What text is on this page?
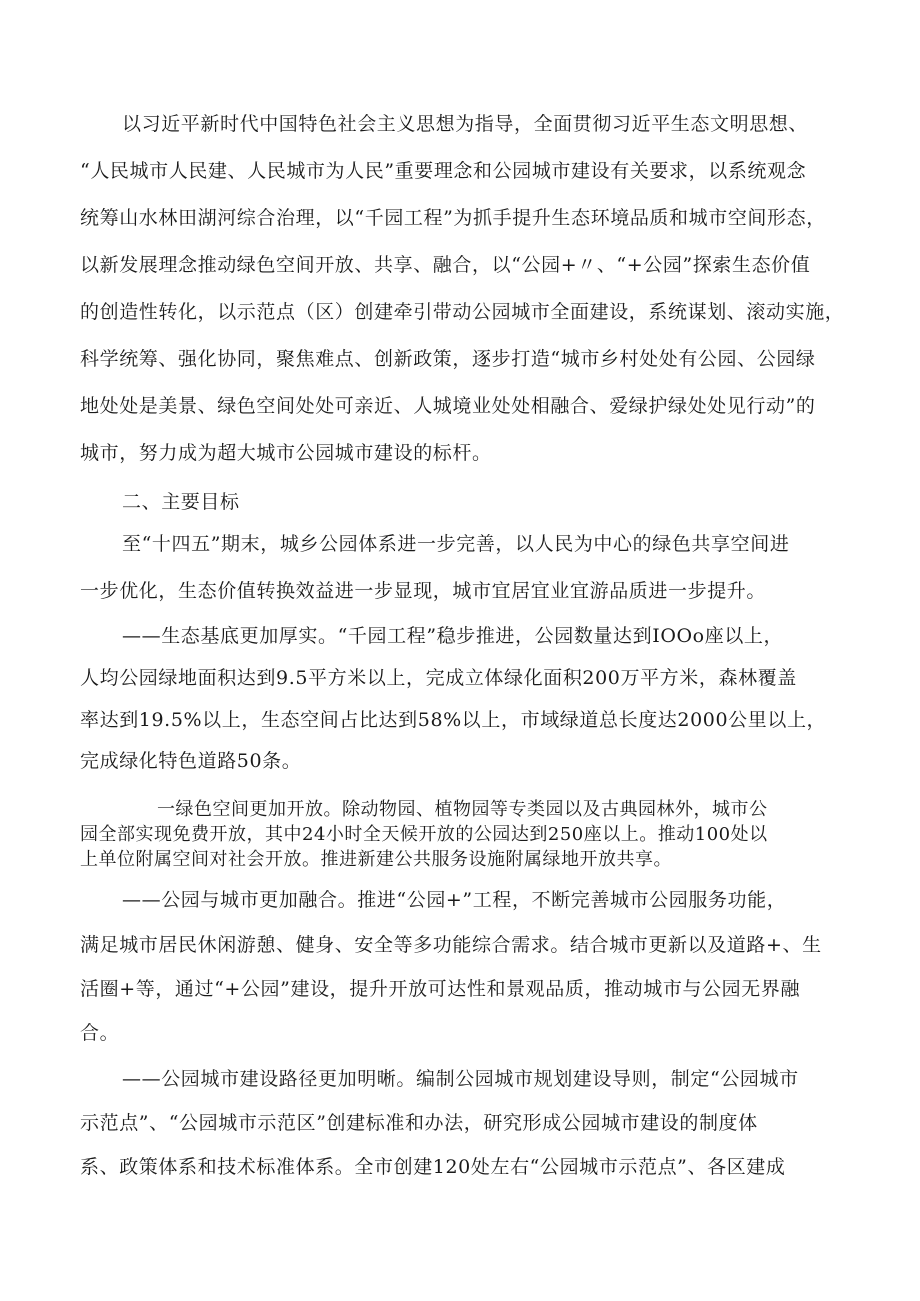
以习近平新时代中国特色社会主义思想为指导，全面贯彻习近平生态文明思想、
“人民城市人民建、人民城市为人民”重要理念和公园城市建设有关要求，以系统观念
统筹山水林田湖河综合治理，以“千园工程”为抓手提升生态环境品质和城市空间形态，
以新发展理念推动绿色空间开放、共享、融合，以“公园+〃、“+公园”探索生态价值
的创造性转化，以示范点（区）创建牵引带动公园城市全面建设，系统谋划、滚动实施，
科学统筹、强化协同，聚焦难点、创新政策，逐步打造“城市乡村处处有公园、公园绿
地处处是美景、绿色空间处处可亲近、人城境业处处相融合、爱绿护绿处处见行动”的
城市，努力成为超大城市公园城市建设的标杆。
二、主要目标
至“十四五”期末，城乡公园体系进一步完善，以人民为中心的绿色共享空间进
一步优化，生态价值转换效益进一步显现，城市宜居宜业宜游品质进一步提升。
——生态基底更加厚实。“千园工程”稳步推进，公园数量达到IOOo座以上，
人均公园绿地面积达到9.5平方米以上，完成立体绿化面积200万平方米，森林覆盖
率达到19.5%以上，生态空间占比达到58%以上，市域绿道总长度达2000公里以上，
完成绿化特色道路50条。
一绿色空间更加开放。除动物园、植物园等专类园以及古典园林外，城市公
园全部实现免费开放，其中24小时全天候开放的公园达到250座以上。推动100处以
上单位附属空间对社会开放。推进新建公共服务设施附属绿地开放共享。
——公园与城市更加融合。推进“公园+”工程，不断完善城市公园服务功能，
满足城市居民休闲游憩、健身、安全等多功能综合需求。结合城市更新以及道路+、生
活圈+等，通过“+公园”建设，提升开放可达性和景观品质，推动城市与公园无界融
合。
——公园城市建设路径更加明晰。编制公园城市规划建设导则，制定“公园城市
示范点”、“公园城市示范区”创建标准和办法，研究形成公园城市建设的制度体
系、政策体系和技术标准体系。全市创建120处左右“公园城市示范点”、各区建成
